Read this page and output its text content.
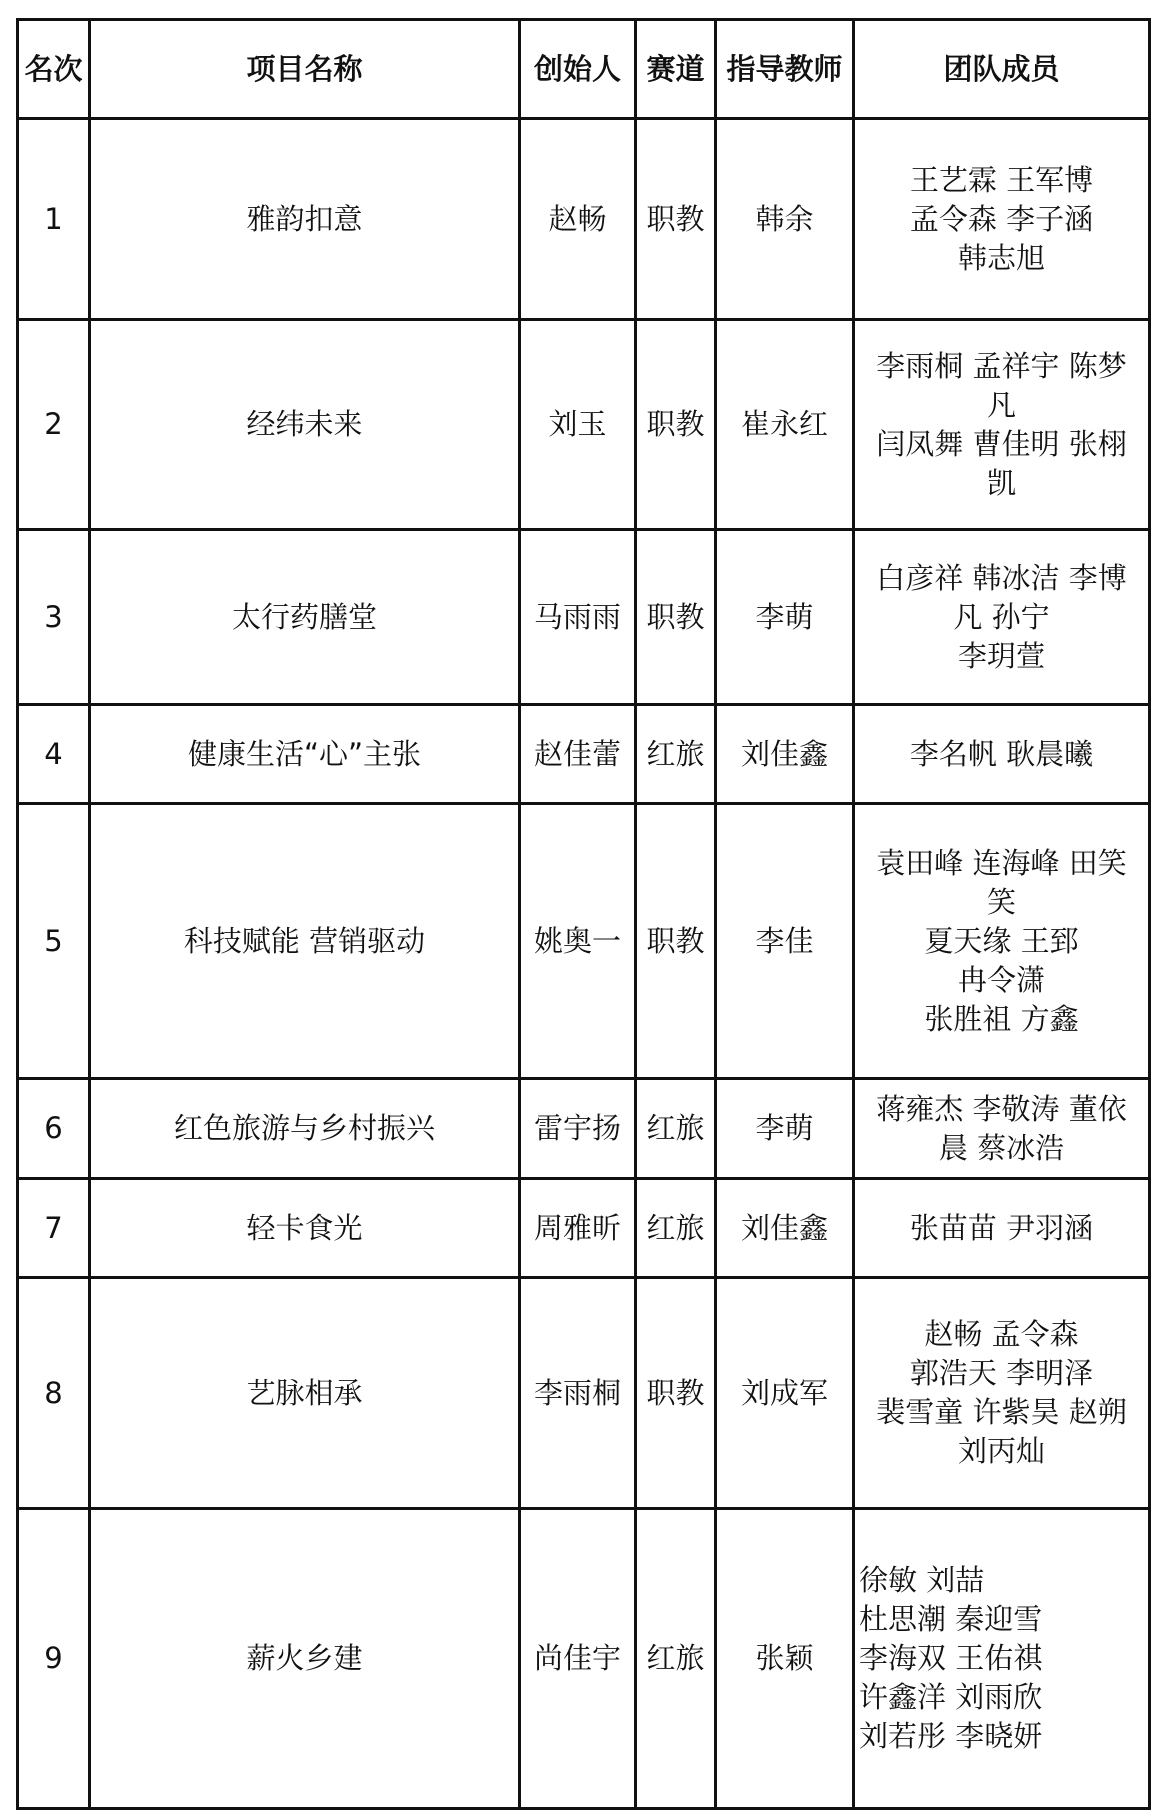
名次	项目名称	创始人	赛道	指导教师	团队成员
1	雅韵扣意	赵畅	职教	韩余	王艺霖 王军博
孟令森 李子涵
韩志旭

2	经纬未来	刘玉	职教	崔永红	李雨桐 孟祥宇 陈梦
凡
闫凤舞 曹佳明 张栩
凯

3	太行药膳堂	马雨雨	职教	李萌	白彦祥 韩冰洁 李博
凡 孙宁
李玥萱

4	健康生活“心”主张	赵佳蕾	红旅	刘佳鑫	李名帆 耿晨曦

5	科技赋能 营销驱动	姚奥一	职教	李佳	袁田峰 连海峰 田笑
笑
夏天缘 王郅
冉令潇
张胜祖 方鑫

6	红色旅游与乡村振兴	雷宇扬	红旅	李萌	蒋雍杰 李敬涛 董依
晨 蔡冰浩

7	轻卡食光	周雅昕	红旅	刘佳鑫	张苗苗 尹羽涵

8	艺脉相承	李雨桐	职教	刘成军	赵畅 孟令森
郭浩天 李明泽
裴雪童 许紫昊 赵朔
刘丙灿

9	薪火乡建	尚佳宇	红旅	张颖	徐敏 刘喆
杜思潮 秦迎雪
李海双 王佑祺
许鑫洋 刘雨欣
刘若彤 李晓妍
